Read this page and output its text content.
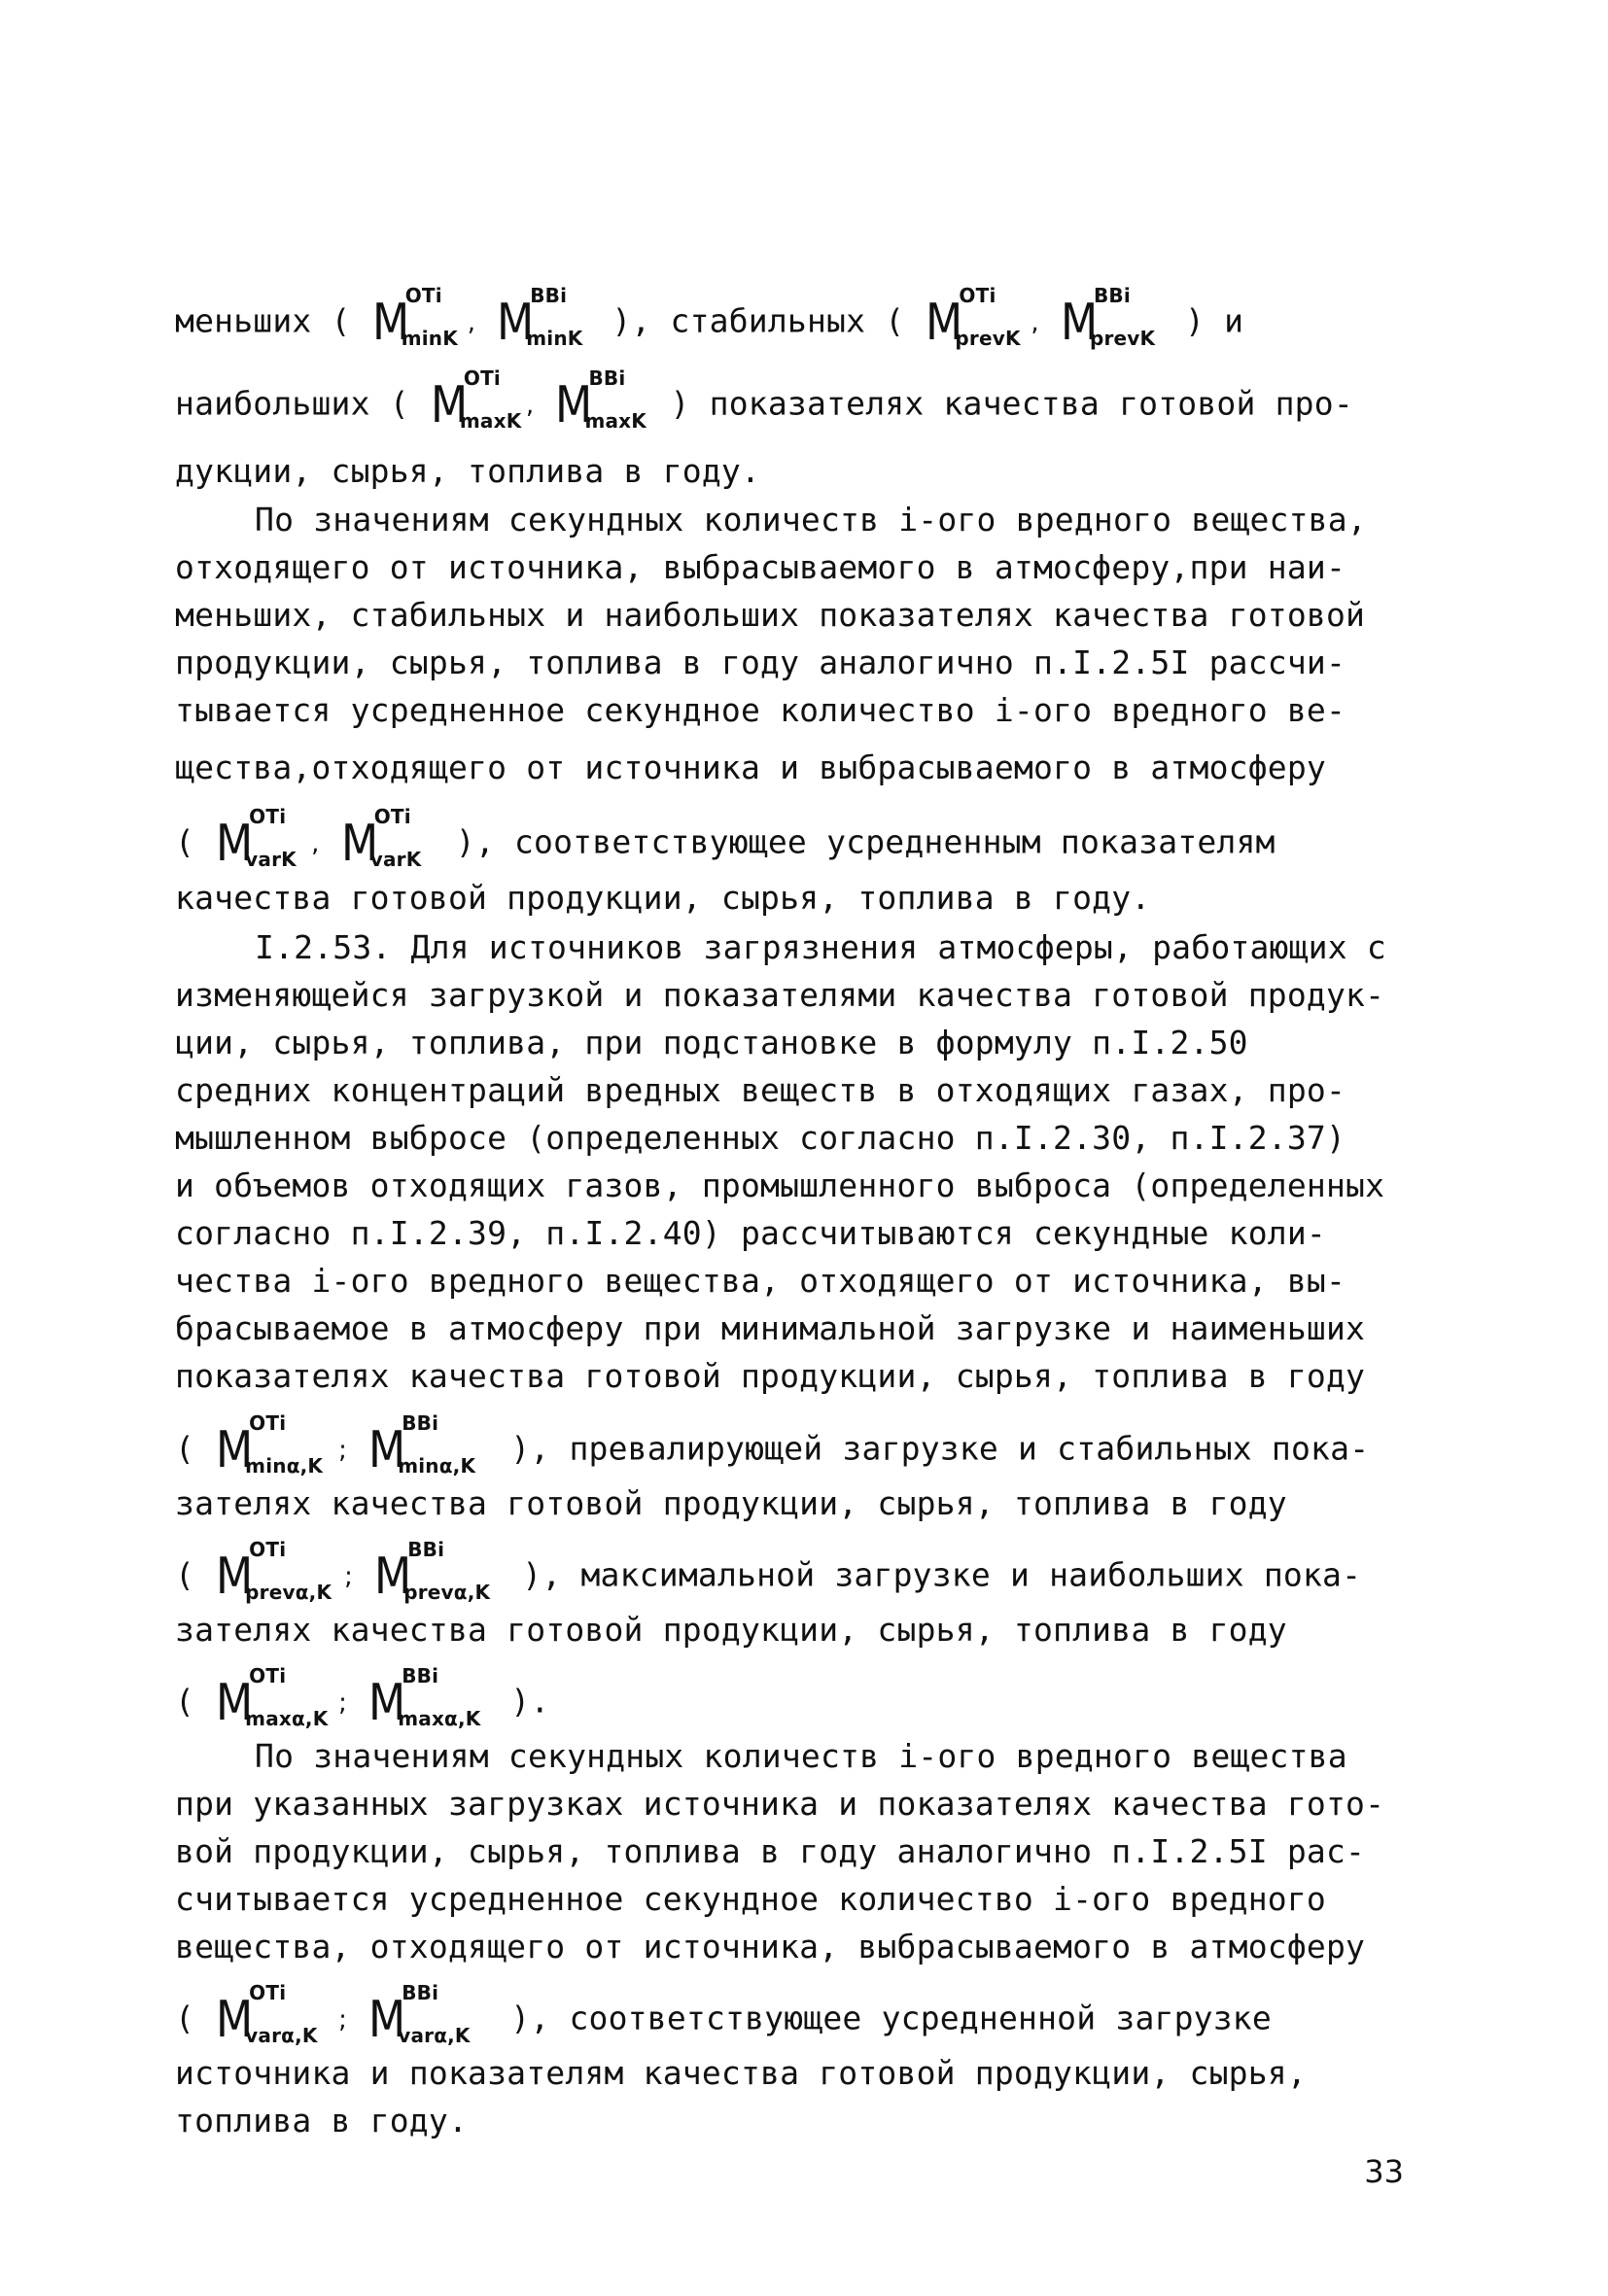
меньших ( M
OTi
minK
, M
ВВi
minK ), стабильных ( M
OTi
prevK
, M
ВВi
prevK ) и
наибольших ( M
OTi
maxK
, M
ВВi
maxK ) показателях качества готовой про-
дукции, сырья, топлива в году.
По значениям секундных количеств i-ого вредного вещества,
отходящего от источника, выбрасываемого в атмосферу,при наи-
меньших, стабильных и наибольших показателях качества готовой
продукции, сырья, топлива в году аналогично п.I.2.5I рассчи-
тывается усредненное секундное количество i-ого вредного ве-
щества,отходящего от источника и выбрасываемого в атмосферу
( M
OTi
varK
, M
OTi
varK ), соответствующее усредненным показателям
качества готовой продукции, сырья, топлива в году.
I.2.53. Для источников загрязнения атмосферы, работающих с
изменяющейся загрузкой и показателями качества готовой продук-
ции, сырья, топлива, при подстановке в формулу п.I.2.50
средних концентраций вредных веществ в отходящих газах, про-
мышленном выбросе (определенных согласно п.I.2.30, п.I.2.37)
и объемов отходящих газов, промышленного выброса (определенных
согласно п.I.2.39, п.I.2.40) рассчитываются секундные коли-
чества i-ого вредного вещества, отходящего от источника, вы-
брасываемое в атмосферу при минимальной загрузке и наименьших
показателях качества готовой продукции, сырья, топлива в году
( M
OTi
minα,K
; M
ВВi
minα,K ), превалирующей загрузке и стабильных пока-
зателях качества готовой продукции, сырья, топлива в году
( M
OTi
prevα,K
; M
ВВi
prevα,K ), максимальной загрузке и наибольших пока-
зателях качества готовой продукции, сырья, топлива в году
( M
OTi
maxα,K
; M
ВВi
maxα,K ).
По значениям секундных количеств i-ого вредного вещества
при указанных загрузках источника и показателях качества гото-
вой продукции, сырья, топлива в году аналогично п.I.2.5I рас-
считывается усредненное секундное количество i-ого вредного
вещества, отходящего от источника, выбрасываемого в атмосферу
( M
OTi
varα,K
; M
ВВi
varα,K ), соответствующее усредненной загрузке
источника и показателям качества готовой продукции, сырья,
топлива в году.
33
